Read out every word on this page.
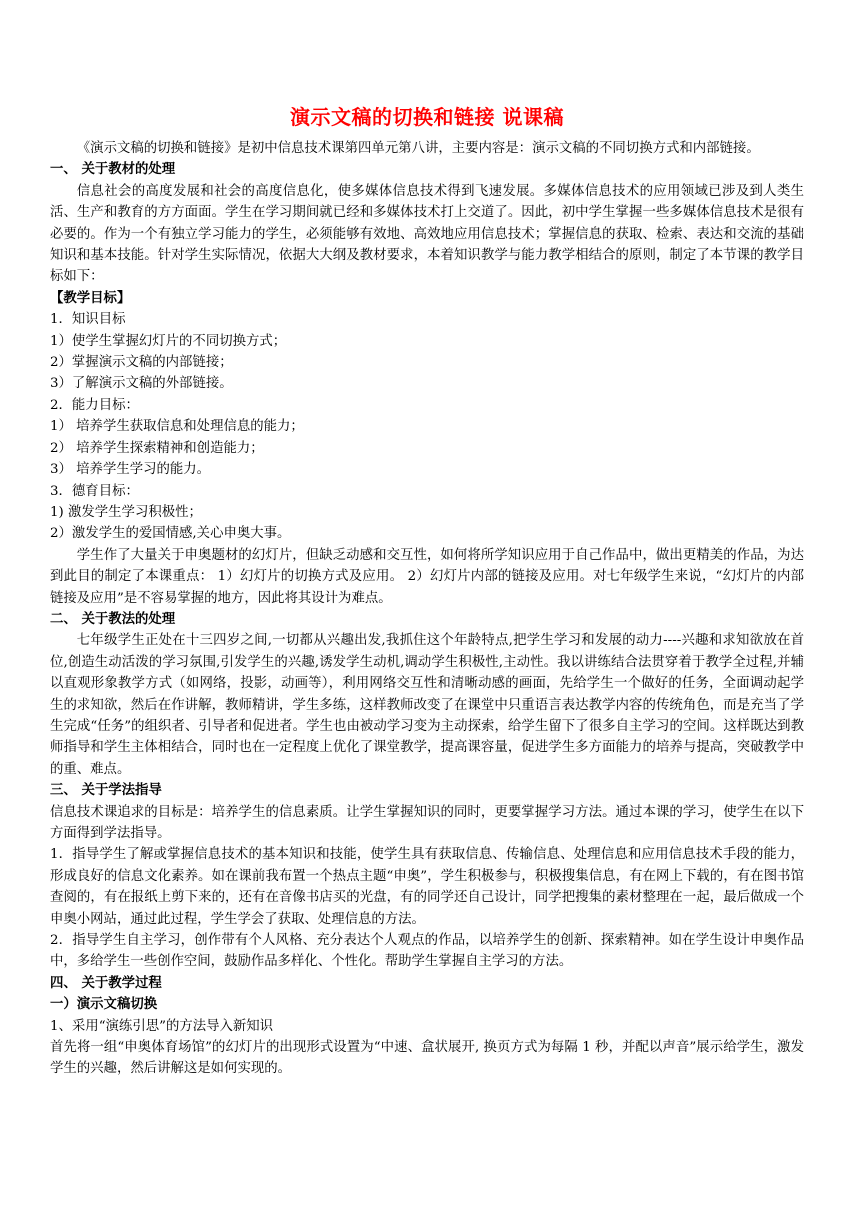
演示文稿的切换和链接 说课稿

《演示文稿的切换和链接》是初中信息技术课第四单元第八讲，主要内容是：演示文稿的不同切换方式和内部链接。

一、 关于教材的处理

信息社会的高度发展和社会的高度信息化，使多媒体信息技术得到飞速发展。多媒体信息技术的应用领域已涉及到人类生活、生产和教育的方方面面。学生在学习期间就已经和多媒体技术打上交道了。因此，初中学生掌握一些多媒体信息技术是很有必要的。作为一个有独立学习能力的学生，必须能够有效地、高效地应用信息技术；掌握信息的获取、检索、表达和交流的基础知识和基本技能。针对学生实际情况，依据大大纲及教材要求，本着知识教学与能力教学相结合的原则，制定了本节课的教学目标如下：

【教学目标】

1．知识目标

1）使学生掌握幻灯片的不同切换方式；

2）掌握演示文稿的内部链接；

3）了解演示文稿的外部链接。

2．能力目标：

1） 培养学生获取信息和处理信息的能力；

2） 培养学生探索精神和创造能力；

3） 培养学生学习的能力。

3．德育目标：

1) 激发学生学习积极性；

2）激发学生的爱国情感,关心申奥大事。

学生作了大量关于申奥题材的幻灯片，但缺乏动感和交互性，如何将所学知识应用于自己作品中，做出更精美的作品，为达到此目的制定了本课重点： 1）幻灯片的切换方式及应用。 2）幻灯片内部的链接及应用。对七年级学生来说，“幻灯片的内部链接及应用”是不容易掌握的地方，因此将其设计为难点。

二、 关于教法的处理

七年级学生正处在十三四岁之间,一切都从兴趣出发,我抓住这个年龄特点,把学生学习和发展的动力----兴趣和求知欲放在首位,创造生动活泼的学习氛围,引发学生的兴趣,诱发学生动机,调动学生积极性,主动性。我以讲练结合法贯穿着于教学全过程,并辅以直观形象教学方式（如网络，投影，动画等），利用网络交互性和清晰动感的画面，先给学生一个做好的任务，全面调动起学生的求知欲，然后在作讲解，教师精讲，学生多练，这样教师改变了在课堂中只重语言表达教学内容的传统角色，而是充当了学生完成“任务”的组织者、引导者和促进者。学生也由被动学习变为主动探索，给学生留下了很多自主学习的空间。这样既达到教师指导和学生主体相结合，同时也在一定程度上优化了课堂教学，提高课容量，促进学生多方面能力的培养与提高，突破教学中的重、难点。

三、 关于学法指导

信息技术课追求的目标是：培养学生的信息素质。让学生掌握知识的同时，更要掌握学习方法。通过本课的学习，使学生在以下方面得到学法指导。

1．指导学生了解或掌握信息技术的基本知识和技能，使学生具有获取信息、传输信息、处理信息和应用信息技术手段的能力，形成良好的信息文化素养。如在课前我布置一个热点主题“申奥”，学生积极参与，积极搜集信息，有在网上下载的，有在图书馆查阅的，有在报纸上剪下来的，还有在音像书店买的光盘，有的同学还自己设计，同学把搜集的素材整理在一起，最后做成一个申奥小网站，通过此过程，学生学会了获取、处理信息的方法。

2．指导学生自主学习，创作带有个人风格、充分表达个人观点的作品，以培养学生的创新、探索精神。如在学生设计申奥作品中，多给学生一些创作空间，鼓励作品多样化、个性化。帮助学生掌握自主学习的方法。

四、 关于教学过程

一）演示文稿切换

1、采用“演练引思”的方法导入新知识

首先将一组“申奥体育场馆”的幻灯片的出现形式设置为“中速、盒状展开, 换页方式为每隔 1 秒，并配以声音”展示给学生，激发学生的兴趣，然后讲解这是如何实现的。
